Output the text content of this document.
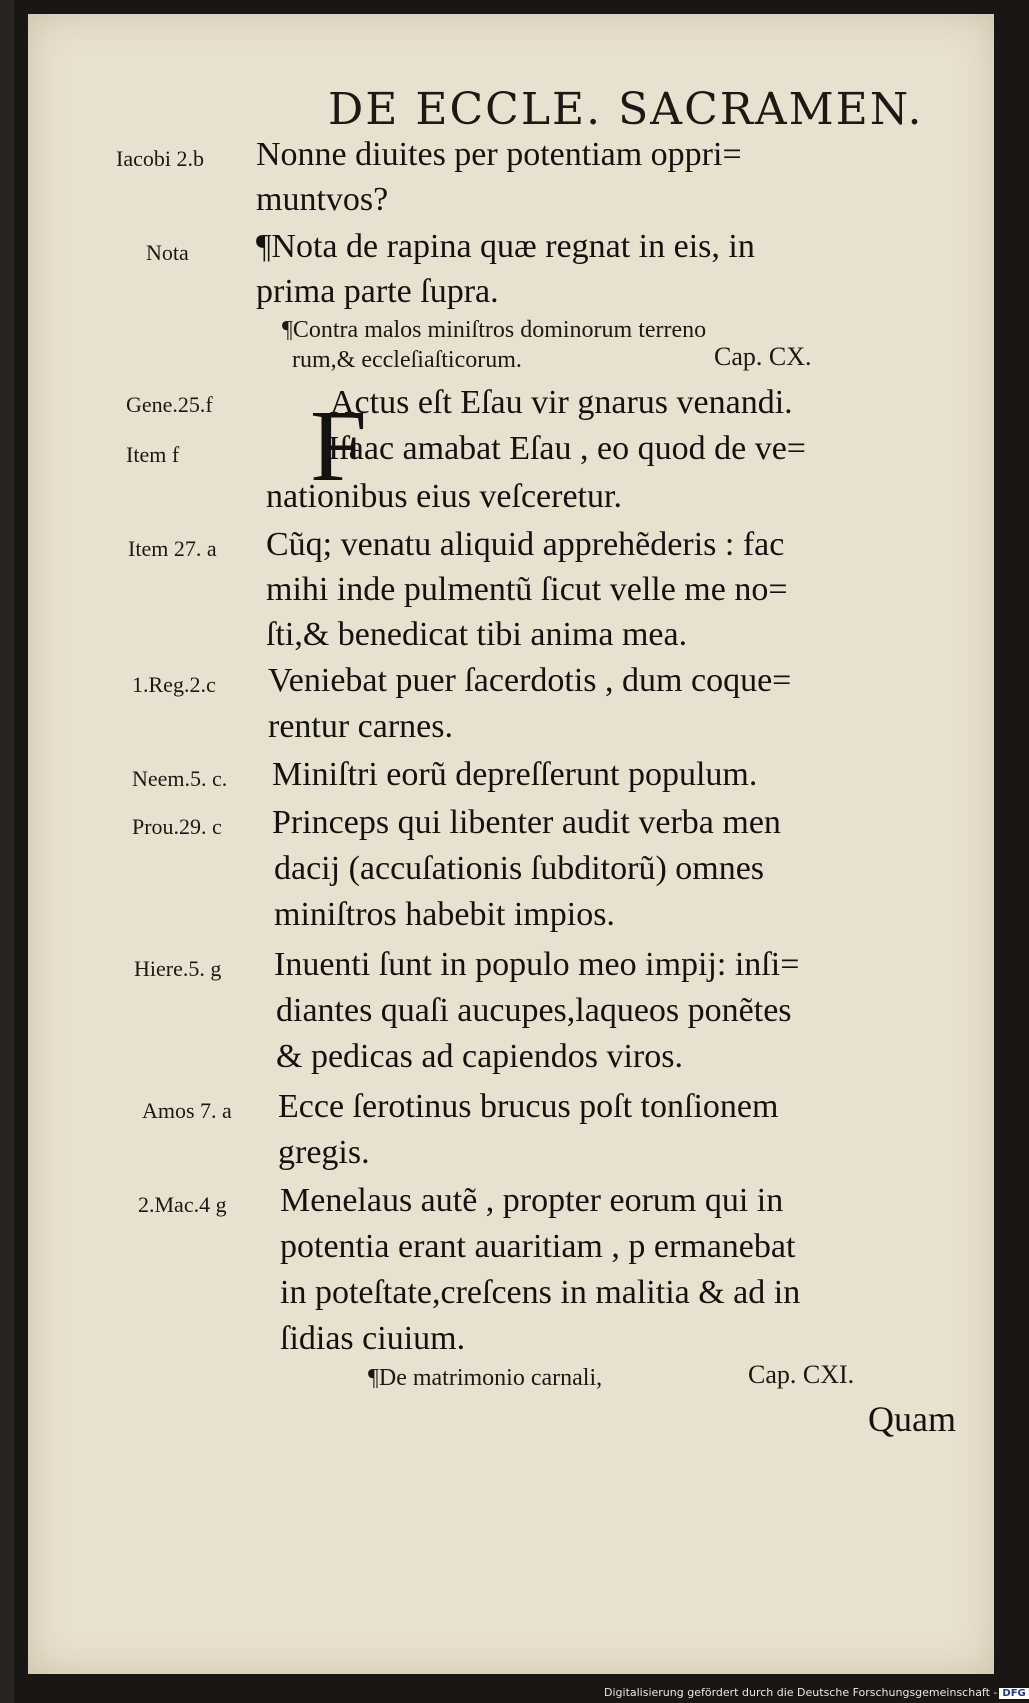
DE ECCLE. SACRAMEN.
Iacobi 2.b Nonne diuites per potentiam oppri=
muntvos?
Nota ¶Nota de rapina quæ regnat in eis, in
prima parte ſupra.
¶Contra malos miniſtros dominorum terreno
rum,& eccleſiaſticorum.	Cap. CX.
F
Gene.25.f	Actus eſt Eſau vir gnarus venandi.
Item f	Iſaac amabat Eſau , eo quod de ve=
nationibus eius veſceretur.
Item 27. a Cũq; venatu aliquid apprehẽderis : fac
mihi inde pulmentũ ſicut velle me no=
ſti,& benedicat tibi anima mea.
1.Reg.2.c Veniebat puer ſacerdotis , dum coque=
rentur carnes.
Neem.5. c. Miniſtri eorũ depreſſerunt populum.
Prou.29. c Princeps qui libenter audit verba men
dacij (accuſationis ſubditorũ) omnes
miniſtros habebit impios.
Hiere.5. g Inuenti ſunt in populo meo impij: inſi=
diantes quaſi aucupes,laqueos ponẽtes
& pedicas ad capiendos viros.
Amos 7. a Ecce ſerotinus brucus poſt tonſionem
gregis.
2.Mac.4 g Menelaus autẽ , propter eorum qui in
potentia erant auaritiam , p ermanebat
in poteſtate,creſcens in malitia & ad in
ſidias ciuium.
¶De matrimonio carnali,	Cap. CXI.
Quam
Digitalisierung gefördert durch die Deutsche Forschungsgemeinschaft - DFG
